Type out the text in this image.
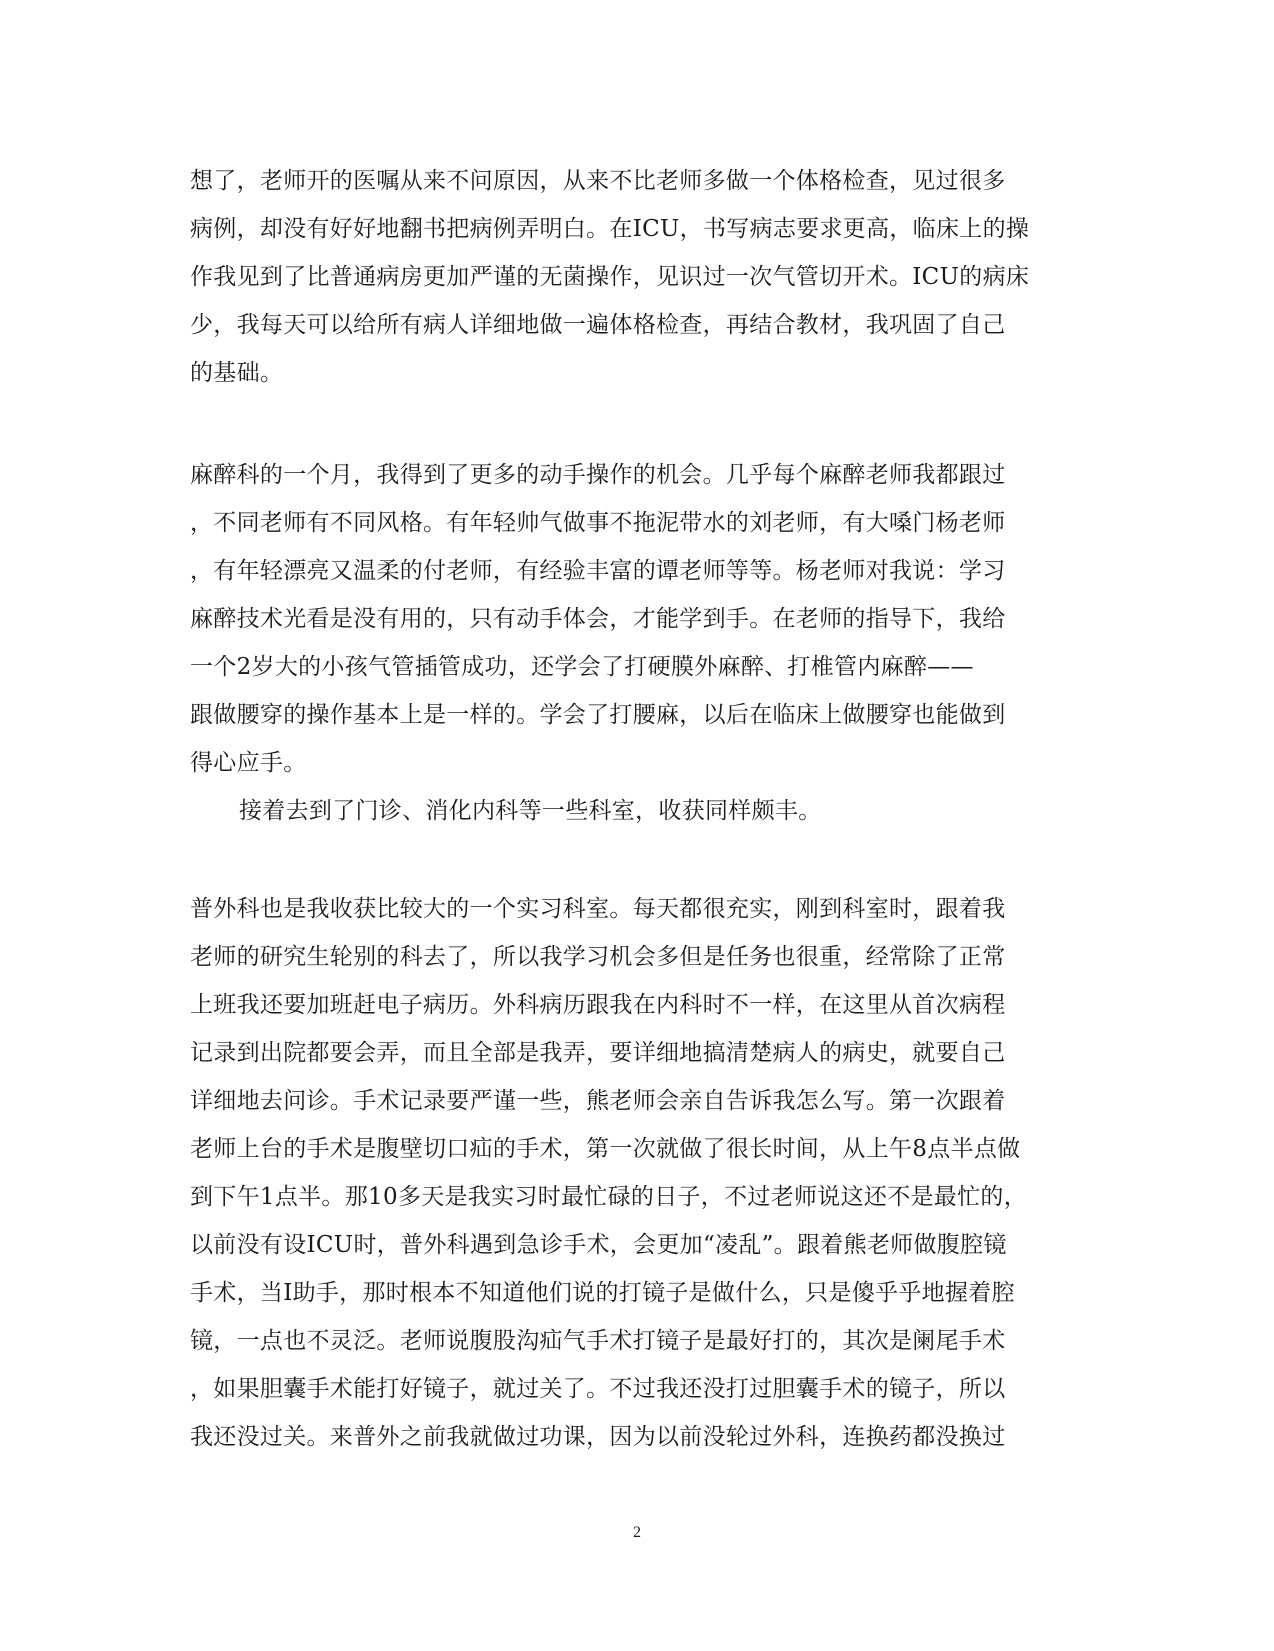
想了，老师开的医嘱从来不问原因，从来不比老师多做一个体格检查，见过很多
病例，却没有好好地翻书把病例弄明白。在ICU，书写病志要求更高，临床上的操
作我见到了比普通病房更加严谨的无菌操作，见识过一次气管切开术。ICU的病床
少，我每天可以给所有病人详细地做一遍体格检查，再结合教材，我巩固了自己
的基础。
麻醉科的一个月，我得到了更多的动手操作的机会。几乎每个麻醉老师我都跟过
，不同老师有不同风格。有年轻帅气做事不拖泥带水的刘老师，有大嗓门杨老师
，有年轻漂亮又温柔的付老师，有经验丰富的谭老师等等。杨老师对我说：学习
麻醉技术光看是没有用的，只有动手体会，才能学到手。在老师的指导下，我给
一个2岁大的小孩气管插管成功，还学会了打硬膜外麻醉、打椎管内麻醉——
跟做腰穿的操作基本上是一样的。学会了打腰麻，以后在临床上做腰穿也能做到
得心应手。
接着去到了门诊、消化内科等一些科室，收获同样颇丰。
普外科也是我收获比较大的一个实习科室。每天都很充实，刚到科室时，跟着我
老师的研究生轮别的科去了，所以我学习机会多但是任务也很重，经常除了正常
上班我还要加班赶电子病历。外科病历跟我在内科时不一样，在这里从首次病程
记录到出院都要会弄，而且全部是我弄，要详细地搞清楚病人的病史，就要自己
详细地去问诊。手术记录要严谨一些，熊老师会亲自告诉我怎么写。第一次跟着
老师上台的手术是腹壁切口疝的手术，第一次就做了很长时间，从上午8点半点做
到下午1点半。那10多天是我实习时最忙碌的日子，不过老师说这还不是最忙的，
以前没有设ICU时，普外科遇到急诊手术，会更加“凌乱”。跟着熊老师做腹腔镜
手术，当I助手，那时根本不知道他们说的打镜子是做什么，只是傻乎乎地握着腔
镜，一点也不灵泛。老师说腹股沟疝气手术打镜子是最好打的，其次是阑尾手术
，如果胆囊手术能打好镜子，就过关了。不过我还没打过胆囊手术的镜子，所以
我还没过关。来普外之前我就做过功课，因为以前没轮过外科，连换药都没换过
2
